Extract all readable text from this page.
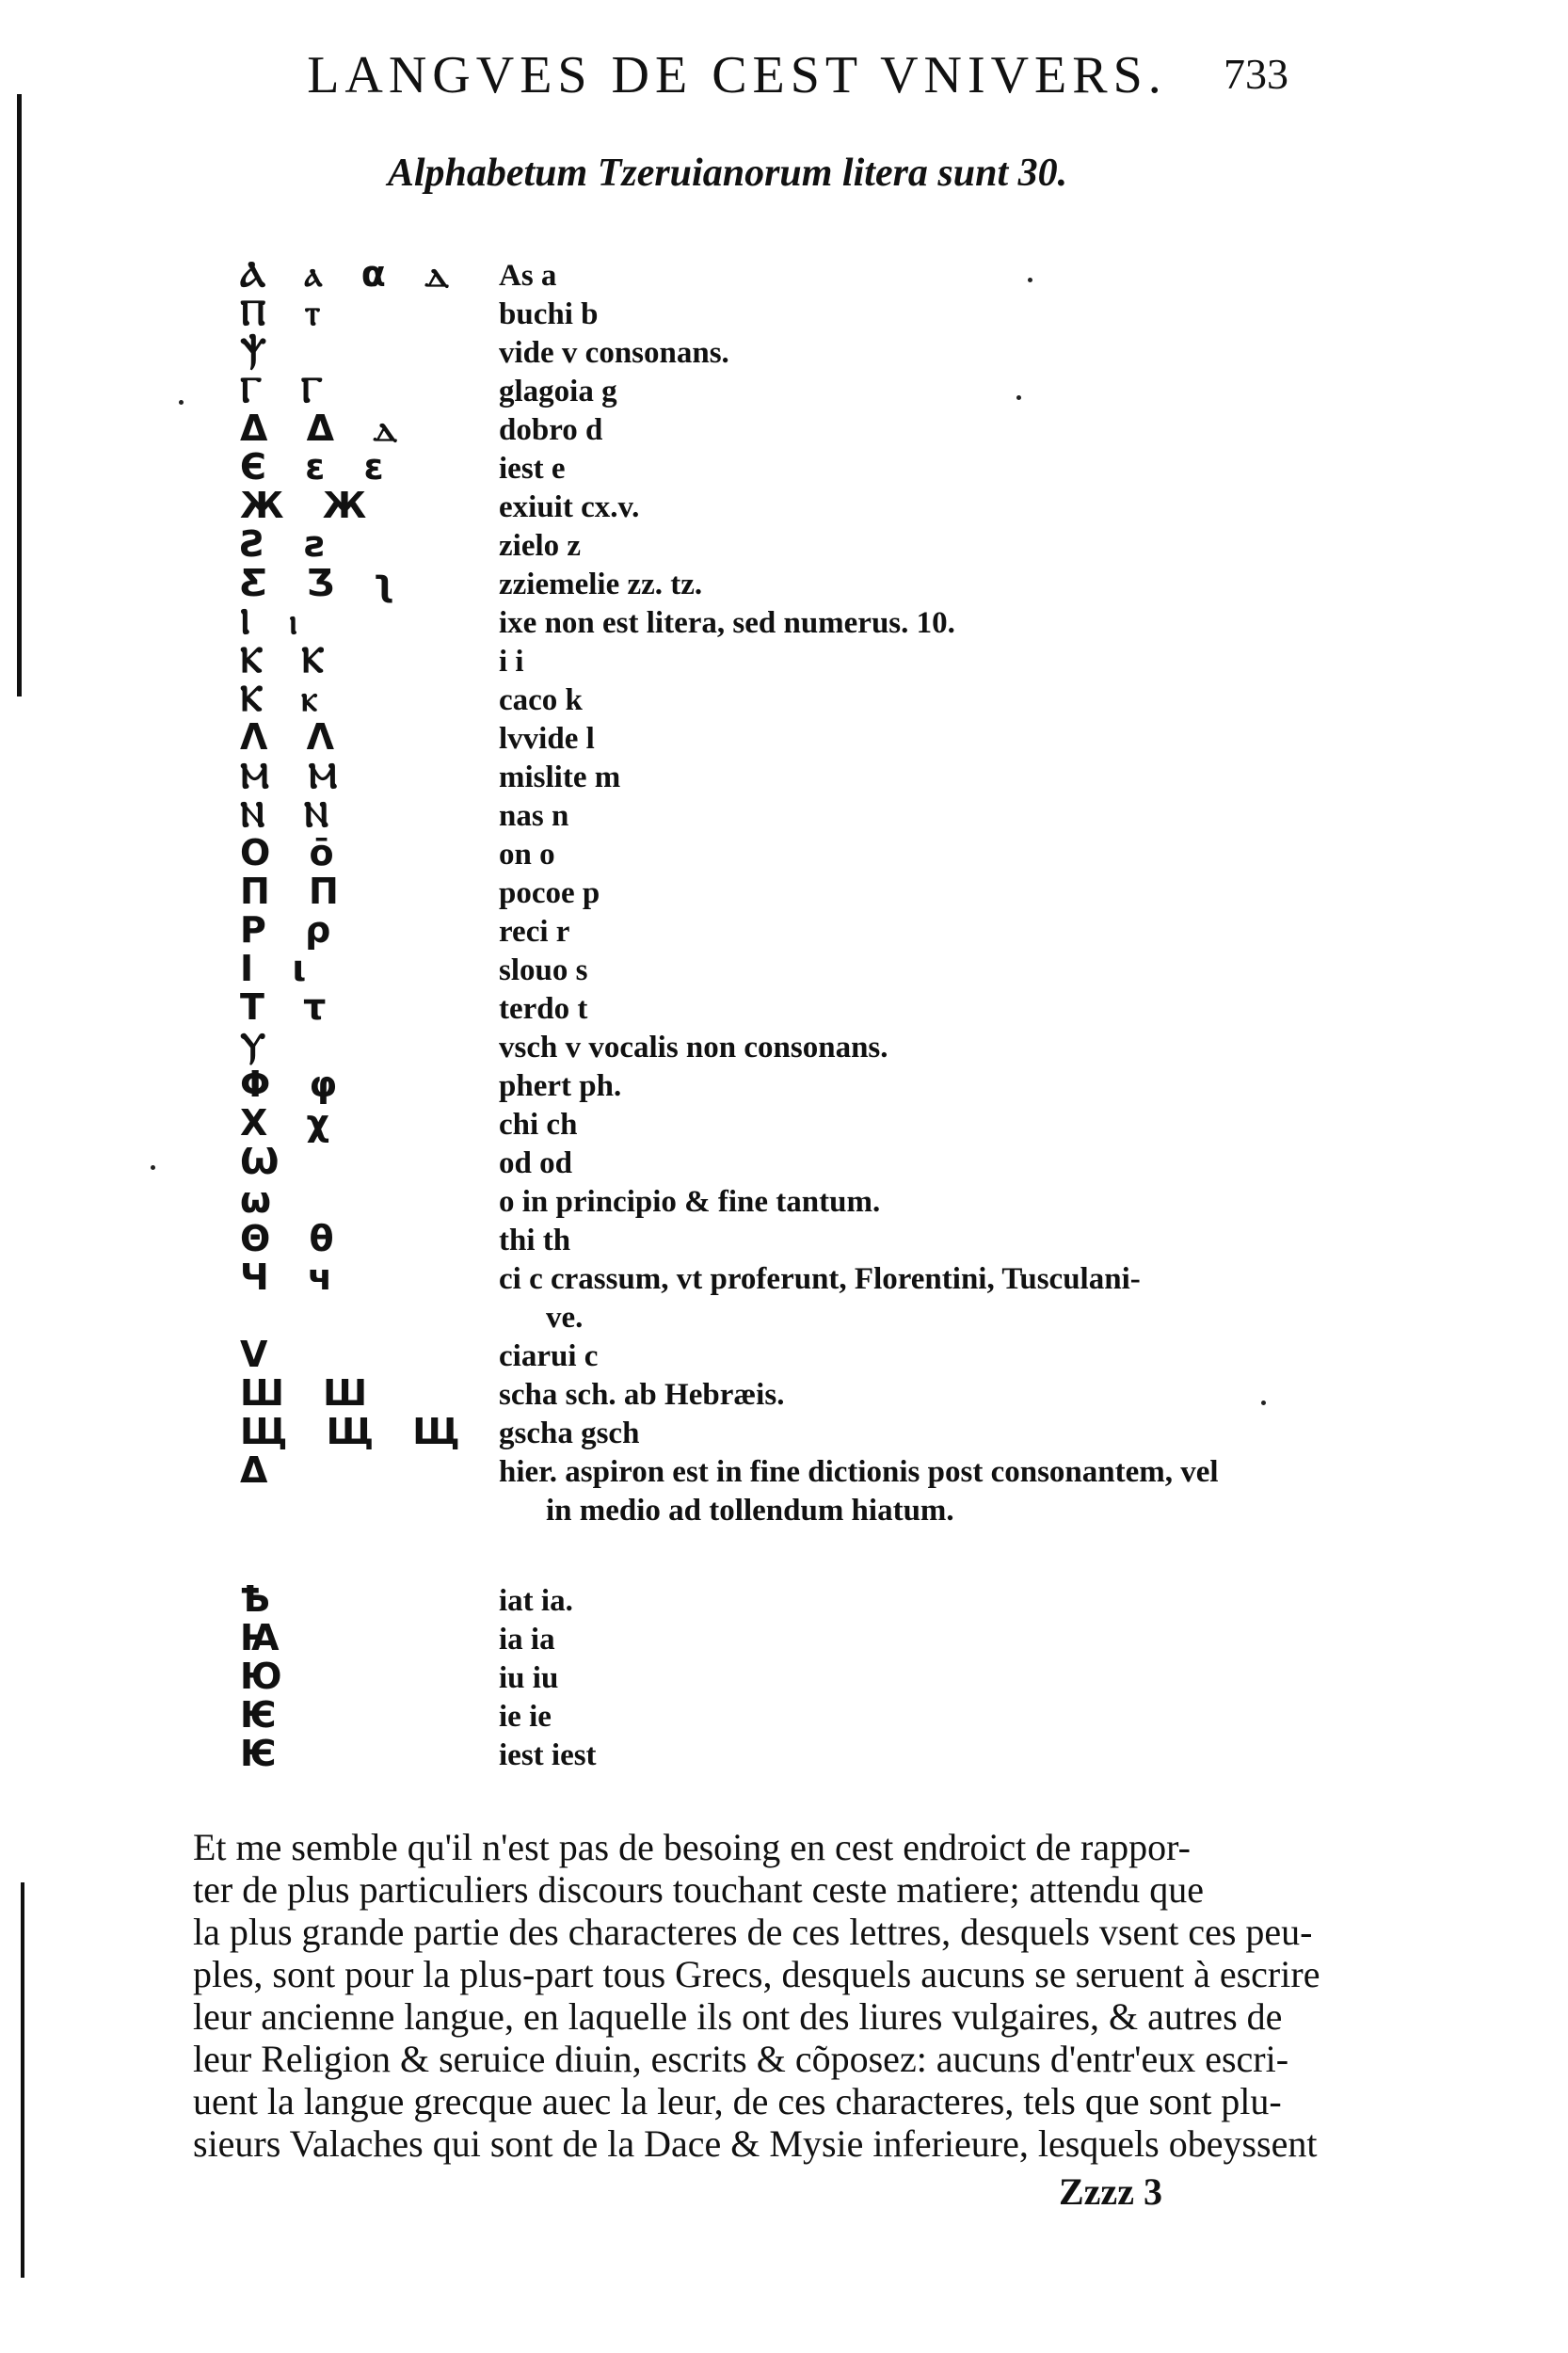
LANGVES DE CEST VNIVERS.	733
Alphabetum Tzeruianorum litera sunt 30.
Ⲁ ⲁ α ⲇ	As a
Ⲡ ⲧ	buchi b
Ⲯ	vide v consonans.
Ⲅ Ⲅ	glagoia g
Δ Δ ⲇ	dobro d
Є ε ε	iest e
Ж Ж	exiuit cx.v.
Ƨ ƨ	zielo z
Ƹ Ʒ ʅ	zziemelie zz. tz.
Ⲓ ⲓ	ixe non est litera, sed numerus. 10.
Ⲕ Ⲕ	i i
Ⲕ ⲕ	caco k
Λ Λ	lvvide l
Ⲙ Ⲙ	mislite m
Ⲛ Ⲛ	nas n
Ο ō	on o
Π Π	pocoe p
Ρ ρ	reci r
Ι ι	slouo s
Τ τ	terdo t
Ⲩ	vsch v vocalis non consonans.
Φ φ	phert ph.
Χ χ	chi ch
Ѡ	od od
ω	o in principio & fine tantum.
Θ θ	thi th
Ч ч	ci c crassum, vt proferunt, Florentini, Tusculani-
ve.
V	ciarui c
Ш Ш	scha sch. ab Hebræis.
Щ Щ Щ gscha gsch
Δ	hier. aspiron est in fine dictionis post consonantem, vel
in medio ad tollendum hiatum.
Ѣ	iat ia.
Ꙗ	ia ia
Ю	iu iu
Ѥ	ie ie
Ѥ	iest iest
Et me semble qu'il n'est pas de besoing en cest endroict de rappor-
ter de plus particuliers discours touchant ceste matiere; attendu que
la plus grande partie des characteres de ces lettres, desquels vsent ces peu-
ples, sont pour la plus-part tous Grecs, desquels aucuns se seruent à escrire
leur ancienne langue, en laquelle ils ont des liures vulgaires, & autres de
leur Religion & seruice diuin, escrits & cõposez: aucuns d'entr'eux escri-
uent la langue grecque auec la leur, de ces characteres, tels que sont plu-
sieurs Valaches qui sont de la Dace & Mysie inferieure, lesquels obeyssent
Zzzz 3
